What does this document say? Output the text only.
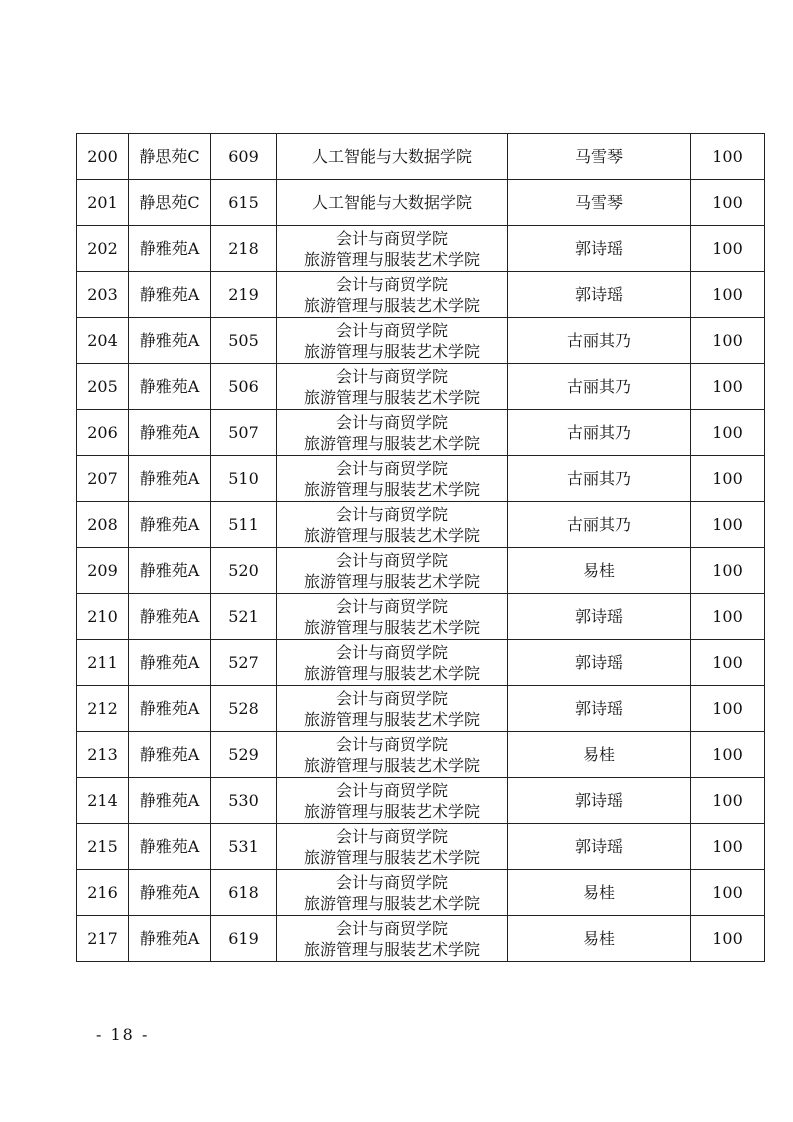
200	静思苑C	609	人工智能与大数据学院	马雪琴	100
201	静思苑C	615	人工智能与大数据学院	马雪琴	100
202	静雅苑A	218	会计与商贸学院
旅游管理与服装艺术学院	郭诗瑶	100
203	静雅苑A	219	会计与商贸学院
旅游管理与服装艺术学院	郭诗瑶	100
204	静雅苑A	505	会计与商贸学院
旅游管理与服装艺术学院	古丽其乃	100
205	静雅苑A	506	会计与商贸学院
旅游管理与服装艺术学院	古丽其乃	100
206	静雅苑A	507	会计与商贸学院
旅游管理与服装艺术学院	古丽其乃	100
207	静雅苑A	510	会计与商贸学院
旅游管理与服装艺术学院	古丽其乃	100
208	静雅苑A	511	会计与商贸学院
旅游管理与服装艺术学院	古丽其乃	100
209	静雅苑A	520	会计与商贸学院
旅游管理与服装艺术学院	易桂	100
210	静雅苑A	521	会计与商贸学院
旅游管理与服装艺术学院	郭诗瑶	100
211	静雅苑A	527	会计与商贸学院
旅游管理与服装艺术学院	郭诗瑶	100
212	静雅苑A	528	会计与商贸学院
旅游管理与服装艺术学院	郭诗瑶	100
213	静雅苑A	529	会计与商贸学院
旅游管理与服装艺术学院	易桂	100
214	静雅苑A	530	会计与商贸学院
旅游管理与服装艺术学院	郭诗瑶	100
215	静雅苑A	531	会计与商贸学院
旅游管理与服装艺术学院	郭诗瑶	100
216	静雅苑A	618	会计与商贸学院
旅游管理与服装艺术学院	易桂	100
217	静雅苑A	619	会计与商贸学院
旅游管理与服装艺术学院	易桂	100
- 18 -
